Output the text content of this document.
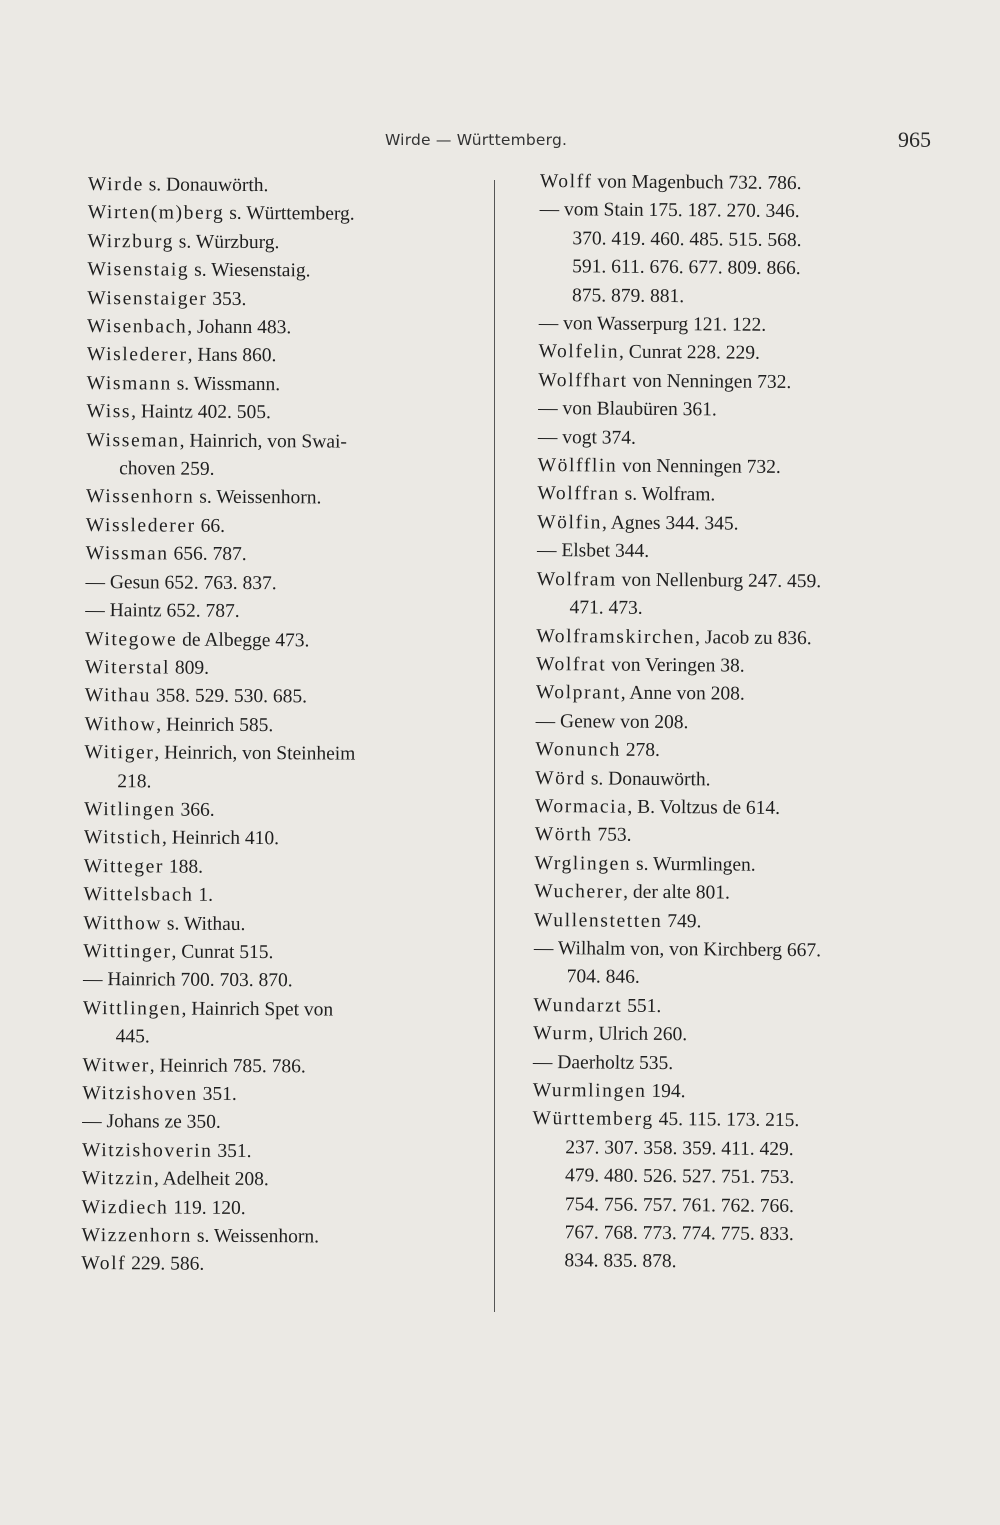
Wirde — Württemberg.	965
Wirde s. Donauwörth.
Wirten(m)berg s. Württemberg.
Wirzburg s. Würzburg.
Wisenstaig s. Wiesenstaig.
Wisenstaiger 353.
Wisenbach, Johann 483.
Wislederer, Hans 860.
Wismann s. Wissmann.
Wiss, Haintz 402. 505.
Wisseman, Hainrich, von Swai-
choven 259.
Wissenhorn s. Weissenhorn.
Wisslederer 66.
Wissman 656. 787.
— Gesun 652. 763. 837.
— Haintz 652. 787.
Witegowe de Albegge 473.
Witerstal 809.
Withau 358. 529. 530. 685.
Withow, Heinrich 585.
Witiger, Heinrich, von Steinheim
218.
Witlingen 366.
Witstich, Heinrich 410.
Witteger 188.
Wittelsbach 1.
Witthow s. Withau.
Wittinger, Cunrat 515.
— Hainrich 700. 703. 870.
Wittlingen, Hainrich Spet von
445.
Witwer, Heinrich 785. 786.
Witzishoven 351.
— Johans ze 350.
Witzishoverin 351.
Witzzin, Adelheit 208.
Wizdiech 119. 120.
Wizzenhorn s. Weissenhorn.
Wolf 229. 586.
Wolff von Magenbuch 732. 786.
— vom Stain 175. 187. 270. 346.
370. 419. 460. 485. 515. 568.
591. 611. 676. 677. 809. 866.
875. 879. 881.
— von Wasserpurg 121. 122.
Wolfelin, Cunrat 228. 229.
Wolffhart von Nenningen 732.
— von Blaubüren 361.
— vogt 374.
Wölfflin von Nenningen 732.
Wolffran s. Wolfram.
Wölfin, Agnes 344. 345.
— Elsbet 344.
Wolfram von Nellenburg 247. 459.
471. 473.
Wolframskirchen, Jacob zu 836.
Wolfrat von Veringen 38.
Wolprant, Anne von 208.
— Genew von 208.
Wonunch 278.
Wörd s. Donauwörth.
Wormacia, B. Voltzus de 614.
Wörth 753.
Wrglingen s. Wurmlingen.
Wucherer, der alte 801.
Wullenstetten 749.
— Wilhalm von, von Kirchberg 667.
704. 846.
Wundarzt 551.
Wurm, Ulrich 260.
— Daerholtz 535.
Wurmlingen 194.
Württemberg 45. 115. 173. 215.
237. 307. 358. 359. 411. 429.
479. 480. 526. 527. 751. 753.
754. 756. 757. 761. 762. 766.
767. 768. 773. 774. 775. 833.
834. 835. 878.
